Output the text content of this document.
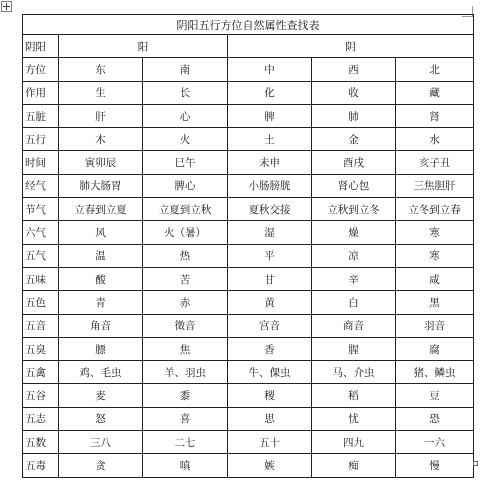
阴阳五行方位自然属性查找表					
阴阳	阳		阴		
方位	东	南	中	西	北
作用	生	长	化	收	藏
五脏	肝	心	脾	肺	肾
五行	木	火	土	金	水
时间	寅卯辰	巳午	未申	酉戌	亥子丑
经气	肺大肠胃	脾心	小肠膀胱	肾心包	三焦胆肝
节气	立春到立夏	立夏到立秋	夏秋交接	立秋到立冬	立冬到立春
六气	风	火（暑）	湿	燥	寒
五气	温	热	平	凉	寒
五味	酸	苦	甘	辛	咸
五色	青	赤	黄	白	黑
五音	角音	徵音	宫音	商音	羽音
五臭	膘	焦	香	腥	腐
五禽	鸡、毛虫	羊、羽虫	牛、倮虫	马、介虫	猪、鳞虫
五谷	麦	黍	稷	稻	豆
五志	怒	喜	思	忧	恐
五数	三八	二七	五十	四九	一六
五毒	贪	嗔	嫉	痴	慢
